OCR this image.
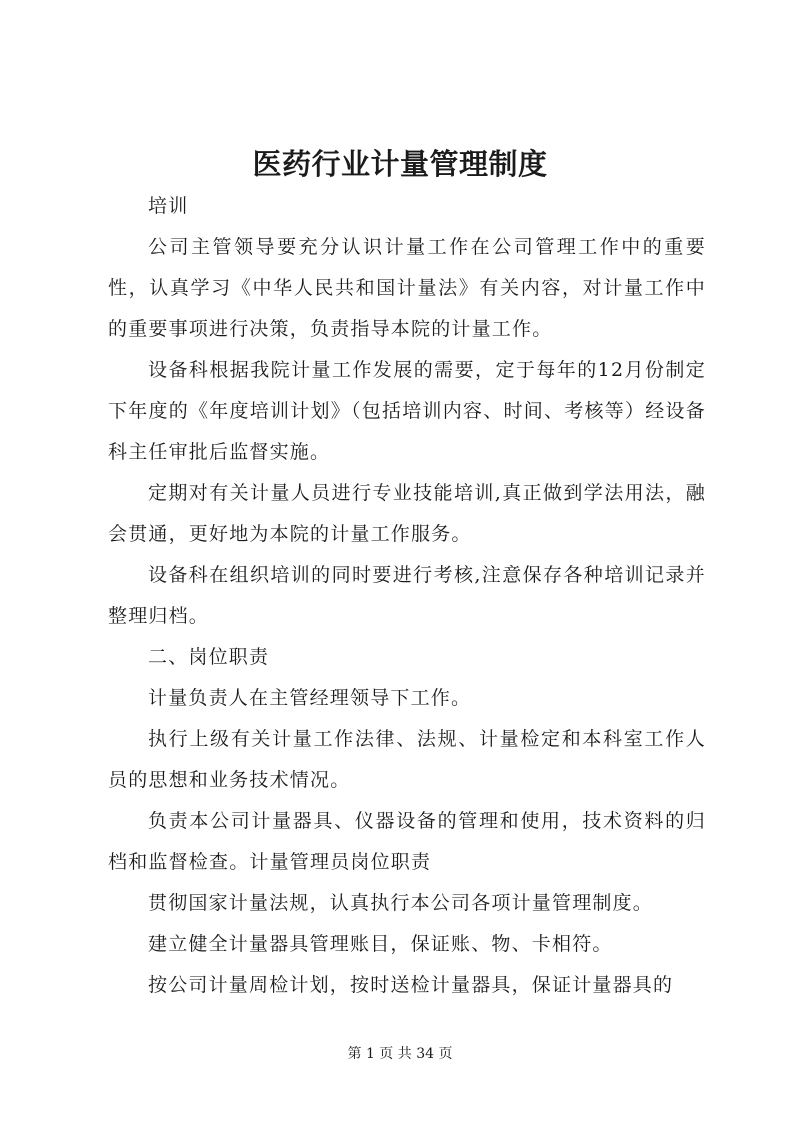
医药行业计量管理制度

培训

公司主管领导要充分认识计量工作在公司管理工作中的重要性，认真学习《中华人民共和国计量法》有关内容，对计量工作中的重要事项进行决策，负责指导本院的计量工作。

设备科根据我院计量工作发展的需要，定于每年的12月份制定下年度的《年度培训计划》（包括培训内容、时间、考核等）经设备科主任审批后监督实施。

定期对有关计量人员进行专业技能培训,真正做到学法用法，融会贯通，更好地为本院的计量工作服务。

设备科在组织培训的同时要进行考核,注意保存各种培训记录并整理归档。

二、岗位职责

计量负责人在主管经理领导下工作。

执行上级有关计量工作法律、法规、计量检定和本科室工作人员的思想和业务技术情况。

负责本公司计量器具、仪器设备的管理和使用，技术资料的归档和监督检查。计量管理员岗位职责

贯彻国家计量法规，认真执行本公司各项计量管理制度。

建立健全计量器具管理账目，保证账、物、卡相符。

按公司计量周检计划，按时送检计量器具，保证计量器具的

第 1 页 共 34 页
